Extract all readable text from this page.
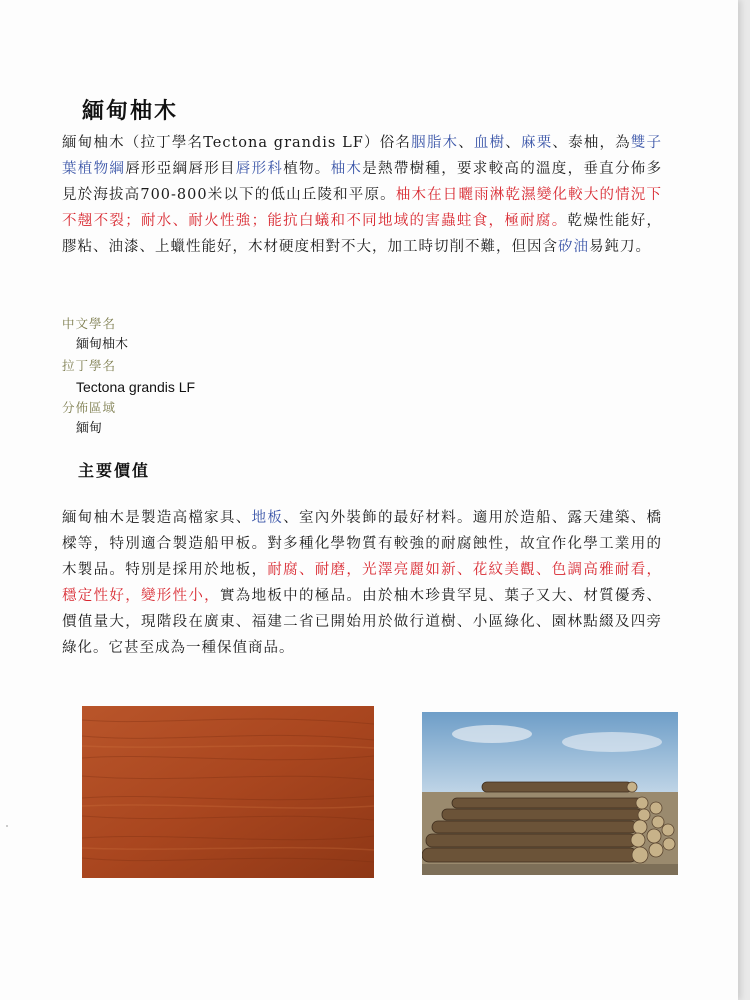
緬甸柚木
緬甸柚木（拉丁學名Tectona grandis LF）俗名胭脂木、血樹、麻栗、泰柚，為雙子葉植物綱唇形亞綱唇形目唇形科植物。柚木是熱帶樹種，要求較高的溫度，垂直分佈多見於海拔高700-800米以下的低山丘陵和平原。柚木在日曬雨淋乾濕變化較大的情況下不翹不裂；耐水、耐火性強；能抗白蟻和不同地域的害蟲蛀食，極耐腐。乾燥性能好，膠粘、油漆、上蠟性能好，木材硬度相對不大，加工時切削不難，但因含矽油易鈍刀。
中文學名
緬甸柚木
拉丁學名
Tectona grandis LF
分佈區域
緬甸
主要價值
緬甸柚木是製造高檔家具、地板、室內外裝飾的最好材料。適用於造船、露天建築、橋樑等，特別適合製造船甲板。對多種化學物質有較強的耐腐蝕性，故宜作化學工業用的木製品。特別是採用於地板，耐腐、耐磨，光澤亮麗如新、花紋美觀、色調高雅耐看，穩定性好，變形性小，實為地板中的極品。由於柚木珍貴罕見、葉子又大、材質優秀、價值量大，現階段在廣東、福建二省已開始用於做行道樹、小區綠化、園林點綴及四旁綠化。它甚至成為一種保值商品。
